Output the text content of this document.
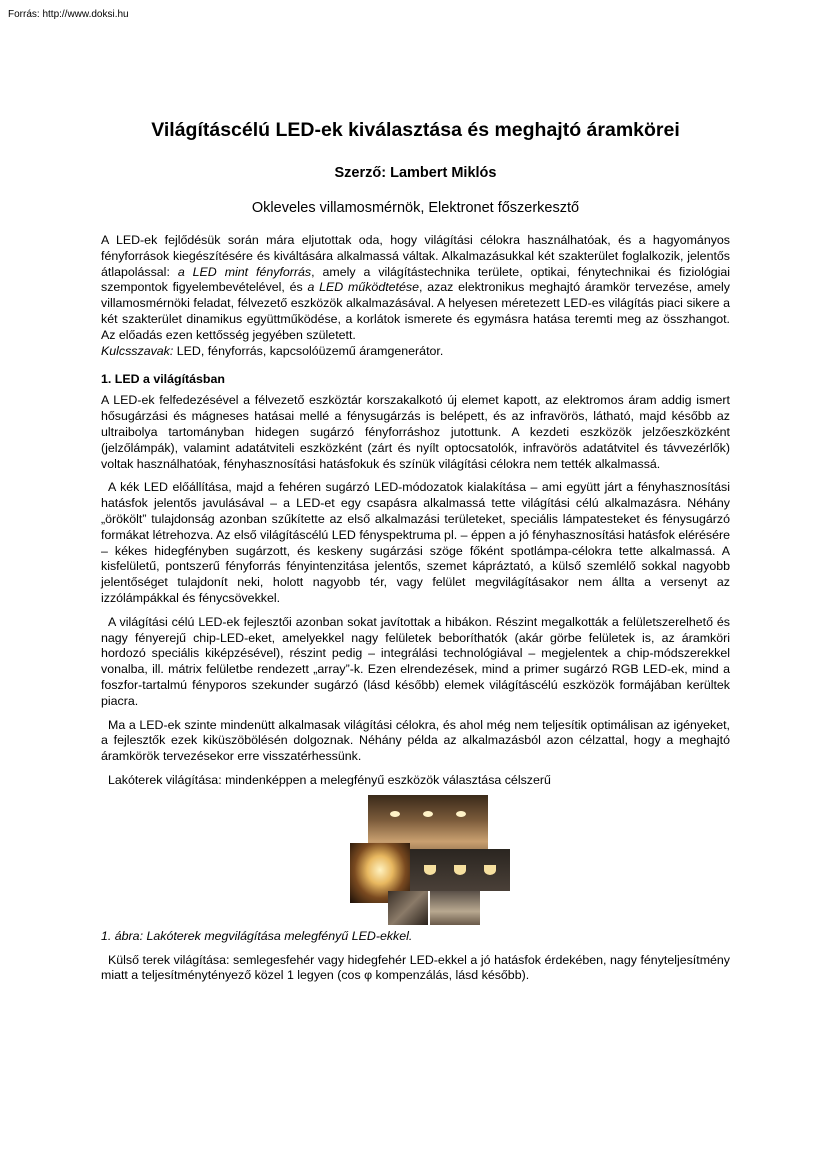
Forrás: http://www.doksi.hu
Világításcélú LED-ek kiválasztása és meghajtó áramkörei

Szerző: Lambert Miklós

Okleveles villamosmérnök, Elektronet főszerkesztő

A LED-ek fejlődésük során mára eljutottak oda, hogy világítási célokra használhatóak, és a hagyományos fényforrások kiegészítésére és kiváltására alkalmassá váltak. Alkalmazásukkal két szakterület foglalkozik, jelentős átlapolással: a LED mint fényforrás, amely a világítástechnika területe, optikai, fénytechnikai és fiziológiai szempontok figyelembevételével, és a LED működtetése, azaz elektronikus meghajtó áramkör tervezése, amely villamosmérnöki feladat, félvezető eszközök alkalmazásával. A helyesen méretezett LED-es világítás piaci sikere a két szakterület dinamikus együttműködése, a korlátok ismerete és egymásra hatása teremti meg az összhangot. Az előadás ezen kettősség jegyében született.

Kulcsszavak: LED, fényforrás, kapcsolóüzemű áramgenerátor.

1. LED a világításban

A LED-ek felfedezésével a félvezető eszköztár korszakalkotó új elemet kapott, az elektromos áram addig ismert hősugárzási és mágneses hatásai mellé a fénysugárzás is belépett, és az infravörös, látható, majd később az ultraibolya tartományban hidegen sugárzó fényforráshoz jutottunk. A kezdeti eszközök jelzőeszközként (jelzőlámpák), valamint adatátviteli eszközként (zárt és nyílt optocsatolók, infravörös adatátvitel és távvezérlők) voltak használhatóak, fényhasznosítási hatásfokuk és színük világítási célokra nem tették alkalmassá.

A kék LED előállítása, majd a fehéren sugárzó LED-módozatok kialakítása – ami együtt járt a fényhasznosítási hatásfok jelentős javulásával – a LED-et egy csapásra alkalmassá tette világítási célú alkalmazásra. Néhány „örökölt” tulajdonság azonban szűkítette az első alkalmazási területeket, speciális lámpatesteket és fénysugárzó formákat létrehozva. Az első világításcélú LED fényspektruma pl. – éppen a jó fényhasznosítási hatásfok elérésére – kékes hidegfényben sugárzott, és keskeny sugárzási szöge főként spotlámpa-célokra tette alkalmassá. A kisfelületű, pontszerű fényforrás fényintenzitása jelentős, szemet kápráztató, a külső szemlélő sokkal nagyobb jelentőséget tulajdonít neki, holott nagyobb tér, vagy felület megvilágításakor nem állta a versenyt az izzólámpákkal és fénycsövekkel.

A világítási célú LED-ek fejlesztői azonban sokat javítottak a hibákon. Részint megalkották a felületszerelhető és nagy fényerejű chip-LED-eket, amelyekkel nagy felületek beboríthatók (akár görbe felületek is, az áramköri hordozó speciális kiképzésével), részint pedig – integrálási technológiával – megjelentek a chip-módszerekkel vonalba, ill. mátrix felületbe rendezett „array”-k. Ezen elrendezések, mind a primer sugárzó RGB LED-ek, mind a foszfor-tartalmú fényporos szekunder sugárzó (lásd később) elemek világításcélú eszközök formájában kerültek piacra.

Ma a LED-ek szinte mindenütt alkalmasak világítási célokra, és ahol még nem teljesítik optimálisan az igényeket, a fejlesztők ezek kiküszöbölésén dolgoznak. Néhány példa az alkalmazásból azon célzattal, hogy a meghajtó áramkörök tervezésekor erre visszatérhessünk.

Lakóterek világítása: mindenképpen a melegfényű eszközök választása célszerű

1. ábra: Lakóterek megvilágítása melegfényű LED-ekkel.

Külső terek világítása: semlegesfehér vagy hidegfehér LED-ekkel a jó hatásfok érdekében, nagy fényteljesítmény miatt a teljesítménytényező közel 1 legyen (cos φ kompenzálás, lásd később).
